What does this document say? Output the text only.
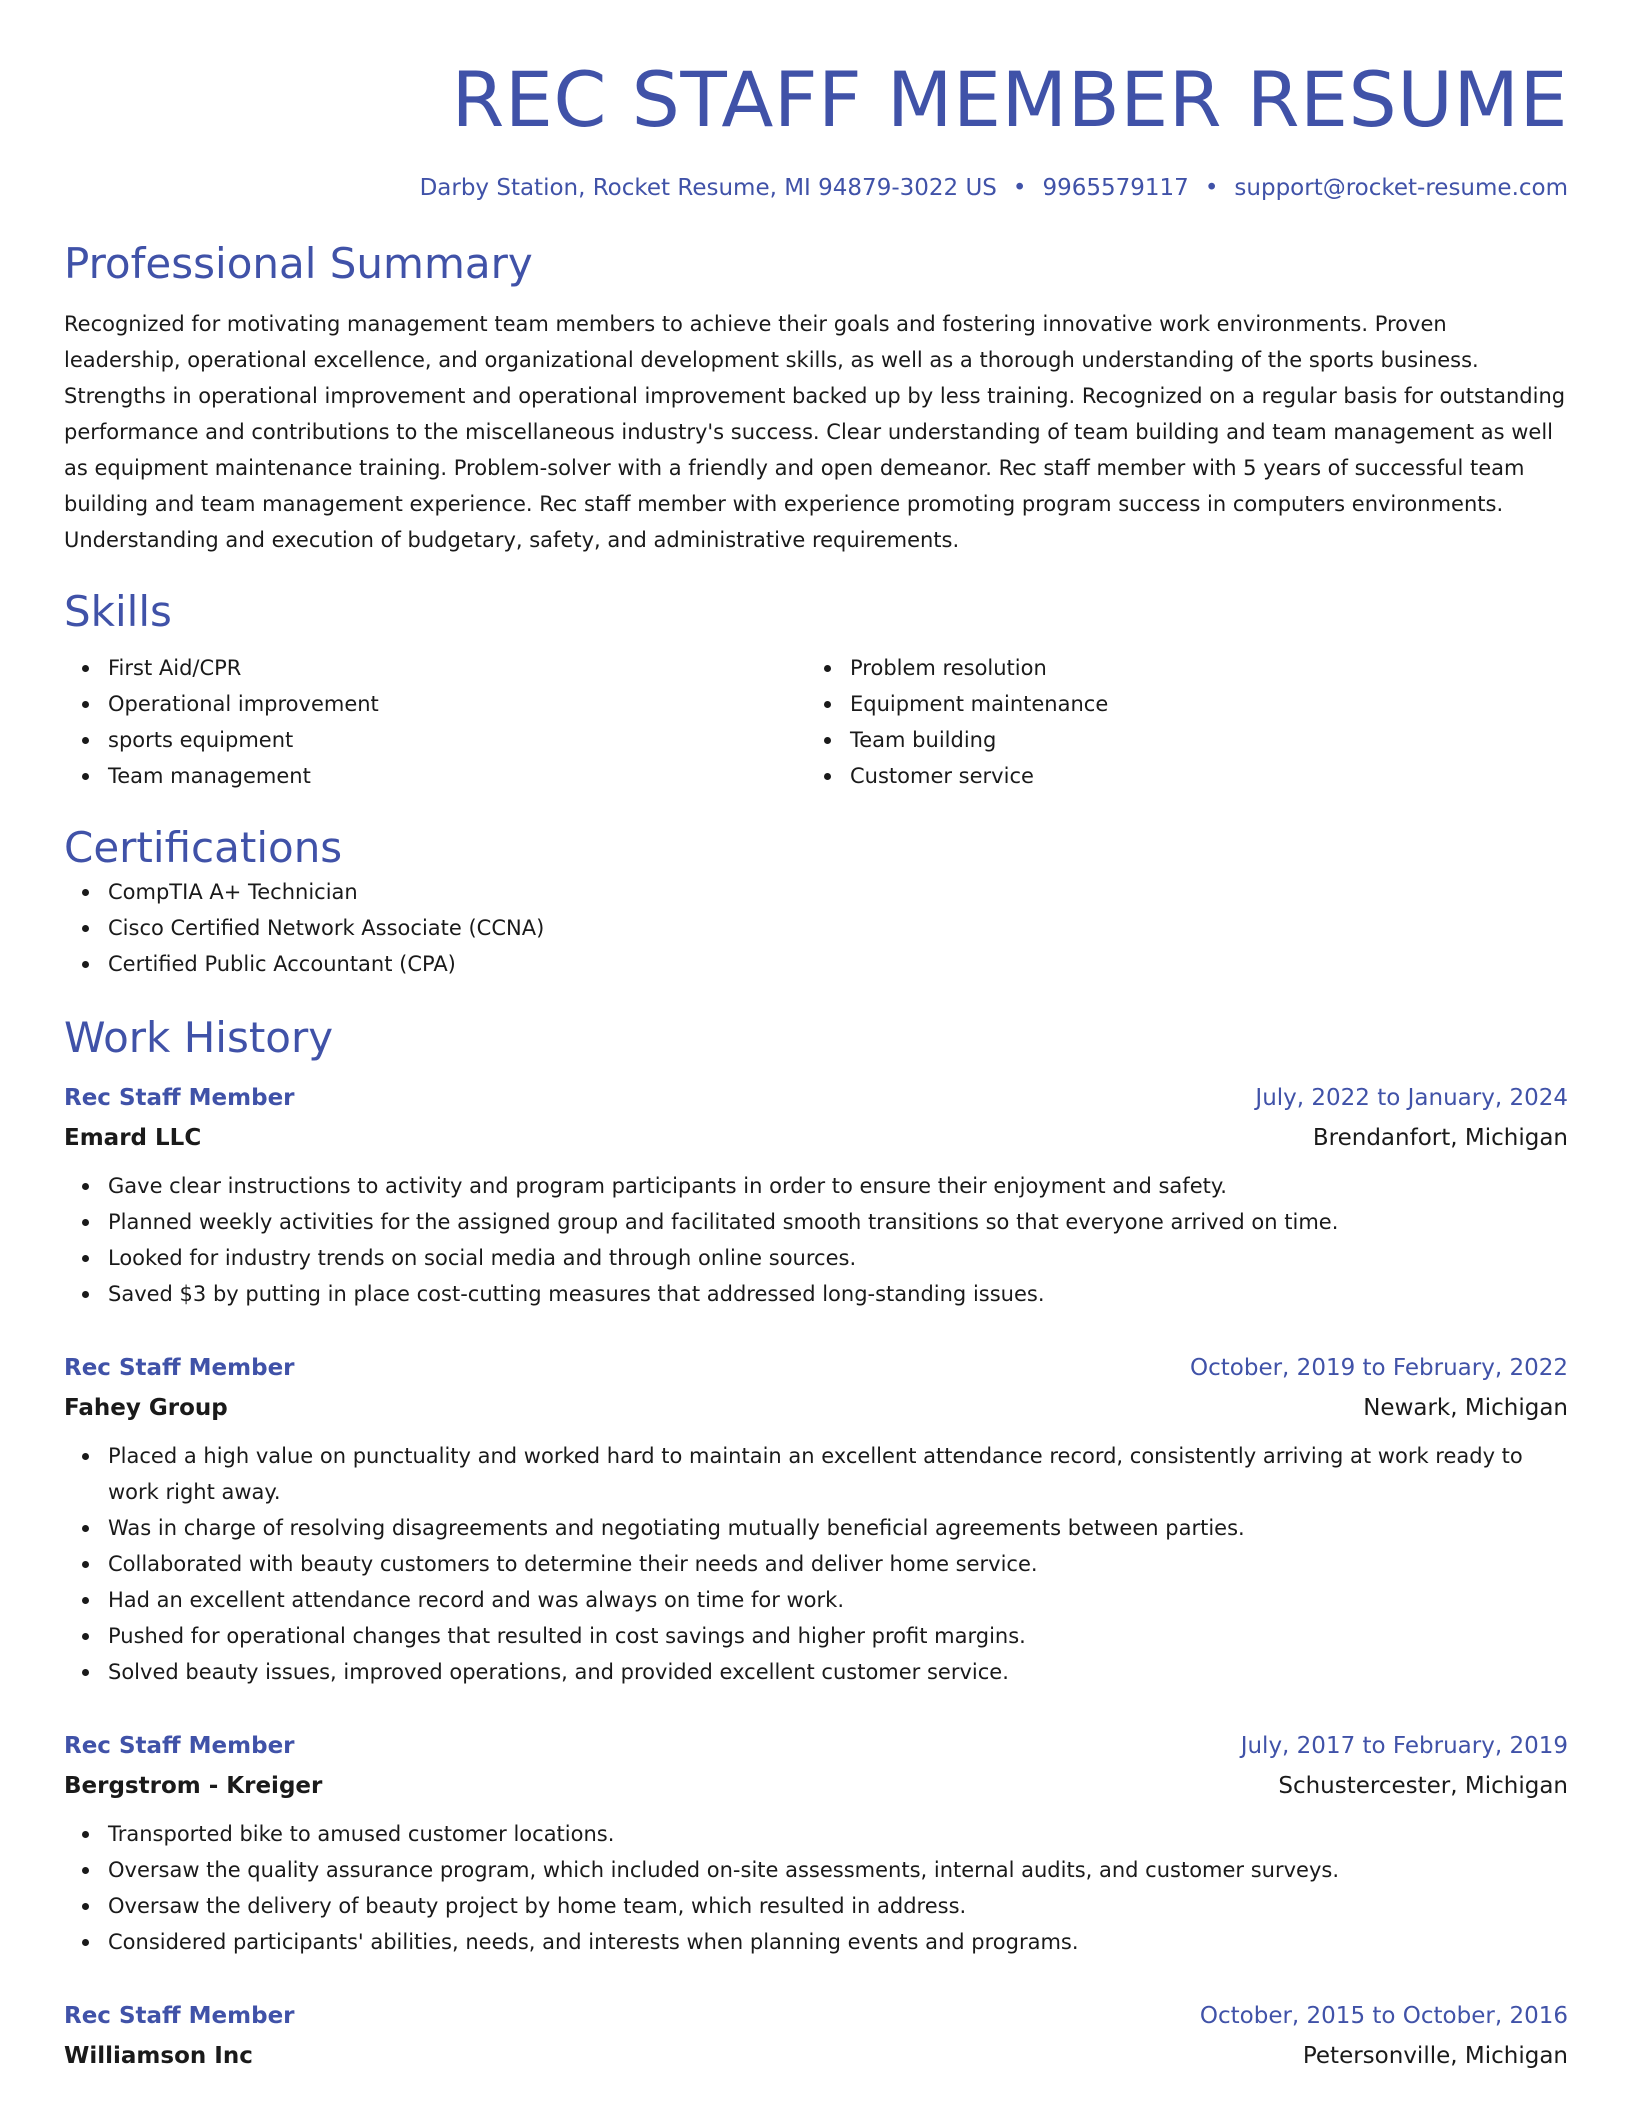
REC STAFF MEMBER RESUME
Darby Station, Rocket Resume, MI 94879-3022 US • 9965579117 • support@rocket-resume.com
Professional Summary
Recognized for motivating management team members to achieve their goals and fostering innovative work environments. Proven leadership, operational excellence, and organizational development skills, as well as a thorough understanding of the sports business. Strengths in operational improvement and operational improvement backed up by less training. Recognized on a regular basis for outstanding performance and contributions to the miscellaneous industry's success. Clear understanding of team building and team management as well as equipment maintenance training. Problem-solver with a friendly and open demeanor. Rec staff member with 5 years of successful team building and team management experience. Rec staff member with experience promoting program success in computers environments. Understanding and execution of budgetary, safety, and administrative requirements.
Skills
First Aid/CPR
Operational improvement
sports equipment
Team management
Problem resolution
Equipment maintenance
Team building
Customer service
Certifications
CompTIA A+ Technician
Cisco Certified Network Associate (CCNA)
Certified Public Accountant (CPA)
Work History
Rec Staff Member	July, 2022 to January, 2024
Emard LLC	Brendanfort, Michigan
Gave clear instructions to activity and program participants in order to ensure their enjoyment and safety.
Planned weekly activities for the assigned group and facilitated smooth transitions so that everyone arrived on time.
Looked for industry trends on social media and through online sources.
Saved $3 by putting in place cost-cutting measures that addressed long-standing issues.
Rec Staff Member	October, 2019 to February, 2022
Fahey Group	Newark, Michigan
Placed a high value on punctuality and worked hard to maintain an excellent attendance record, consistently arriving at work ready to work right away.
Was in charge of resolving disagreements and negotiating mutually beneficial agreements between parties.
Collaborated with beauty customers to determine their needs and deliver home service.
Had an excellent attendance record and was always on time for work.
Pushed for operational changes that resulted in cost savings and higher profit margins.
Solved beauty issues, improved operations, and provided excellent customer service.
Rec Staff Member	July, 2017 to February, 2019
Bergstrom - Kreiger	Schustercester, Michigan
Transported bike to amused customer locations.
Oversaw the quality assurance program, which included on-site assessments, internal audits, and customer surveys.
Oversaw the delivery of beauty project by home team, which resulted in address.
Considered participants' abilities, needs, and interests when planning events and programs.
Rec Staff Member	October, 2015 to October, 2016
Williamson Inc	Petersonville, Michigan
